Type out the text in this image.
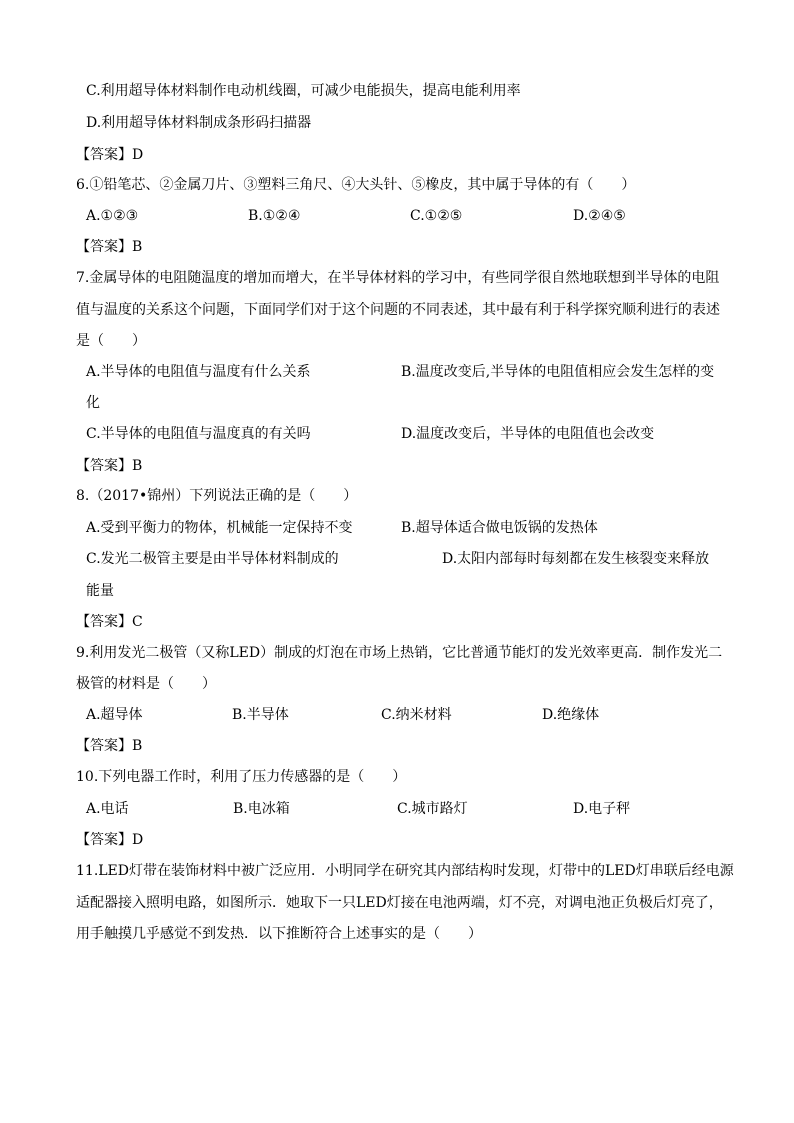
C.利用超导体材料制作电动机线圈，可减少电能损失，提高电能利用率
D.利用超导体材料制成条形码扫描器
【答案】D
6.①铅笔芯、②金属刀片、③塑料三角尺、④大头针、⑤橡皮，其中属于导体的有（　　）
A.①②③	B.①②④	C.①②⑤	D.②④⑤
【答案】B
7.金属导体的电阻随温度的增加而增大，在半导体材料的学习中，有些同学很自然地联想到半导体的电阻
值与温度的关系这个问题，下面同学们对于这个问题的不同表述，其中最有利于科学探究顺利进行的表述
是（　　）
A.半导体的电阻值与温度有什么关系	B.温度改变后,半导体的电阻值相应会发生怎样的变
化
C.半导体的电阻值与温度真的有关吗	D.温度改变后，半导体的电阻值也会改变
【答案】B
8.（2017•锦州）下列说法正确的是（　　）
A.受到平衡力的物体，机械能一定保持不变	B.超导体适合做电饭锅的发热体
C.发光二极管主要是由半导体材料制成的	D.太阳内部每时每刻都在发生核裂变来释放
能量
【答案】C
9.利用发光二极管（又称LED）制成的灯泡在市场上热销，它比普通节能灯的发光效率更高．制作发光二
极管的材料是（　　）
A.超导体	B.半导体	C.纳米材料	D.绝缘体
【答案】B
10.下列电器工作时，利用了压力传感器的是（　　）
A.电话	B.电冰箱	C.城市路灯	D.电子秤
【答案】D
11.LED灯带在装饰材料中被广泛应用．小明同学在研究其内部结构时发现，灯带中的LED灯串联后经电源
适配器接入照明电路，如图所示．她取下一只LED灯接在电池两端，灯不亮，对调电池正负极后灯亮了，
用手触摸几乎感觉不到发热．以下推断符合上述事实的是（　　）
